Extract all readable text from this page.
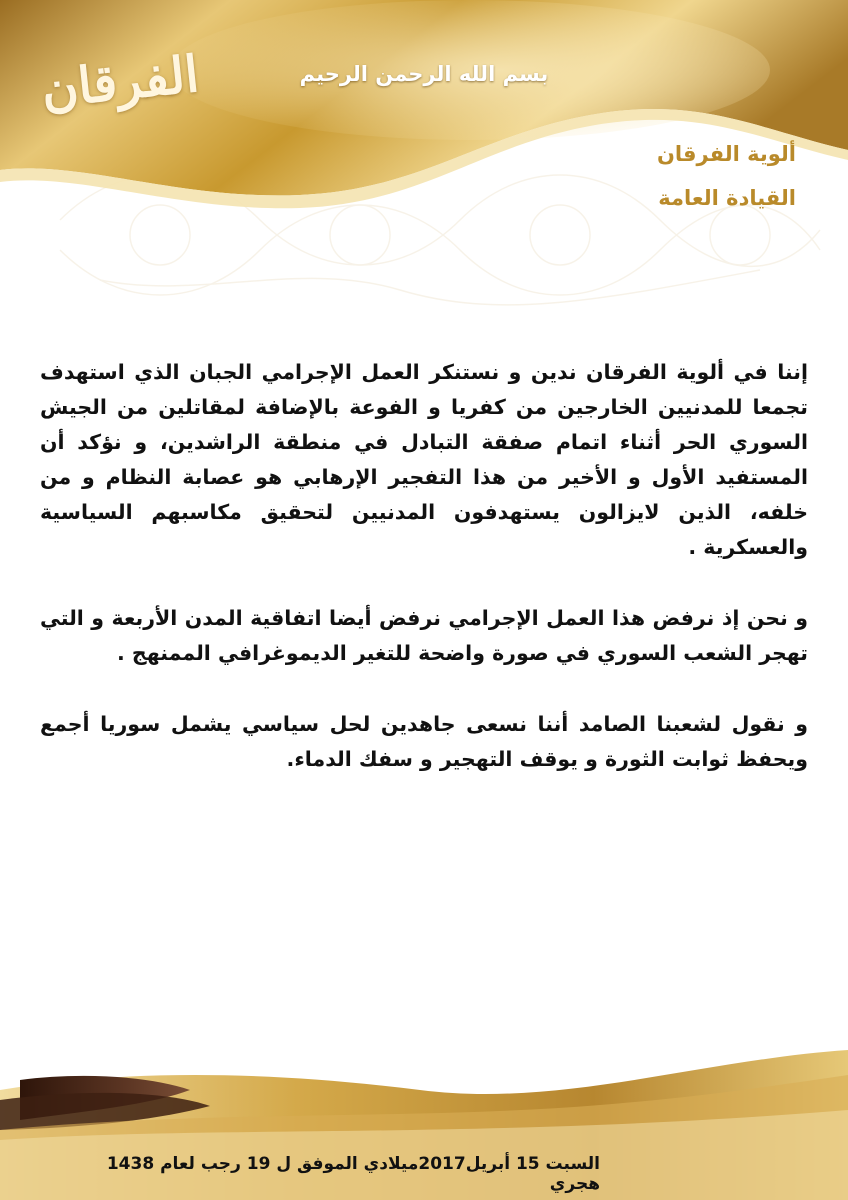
الفرقان	بسم الله الرحمن الرحيم
ألوية الفرقان
القيادة العامة

إننا في ألوية الفرقان ندين و نستنكر العمل الإجرامي الجبان الذي استهدف تجمعا للمدنيين الخارجين من كفريا و الفوعة بالإضافة لمقاتلين من الجيش السوري الحر أثناء اتمام صفقة التبادل في منطقة الراشدين، و نؤكد أن المستفيد الأول و الأخير من هذا التفجير الإرهابي هو عصابة النظام و من خلفه، الذين لايزالون يستهدفون المدنيين لتحقيق مكاسبهم السياسية والعسكرية .

و نحن إذ نرفض هذا العمل الإجرامي نرفض أيضا اتفاقية المدن الأربعة و التي تهجر الشعب السوري في صورة واضحة للتغير الديموغرافي الممنهج .

و نقول لشعبنا الصامد أننا نسعى جاهدين لحل سياسي يشمل سوريا أجمع ويحفظ ثوابت الثورة و يوقف التهجير و سفك الدماء.

السبت 15 أبريل2017ميلادي الموفق ل 19 رجب لعام 1438 هجري
